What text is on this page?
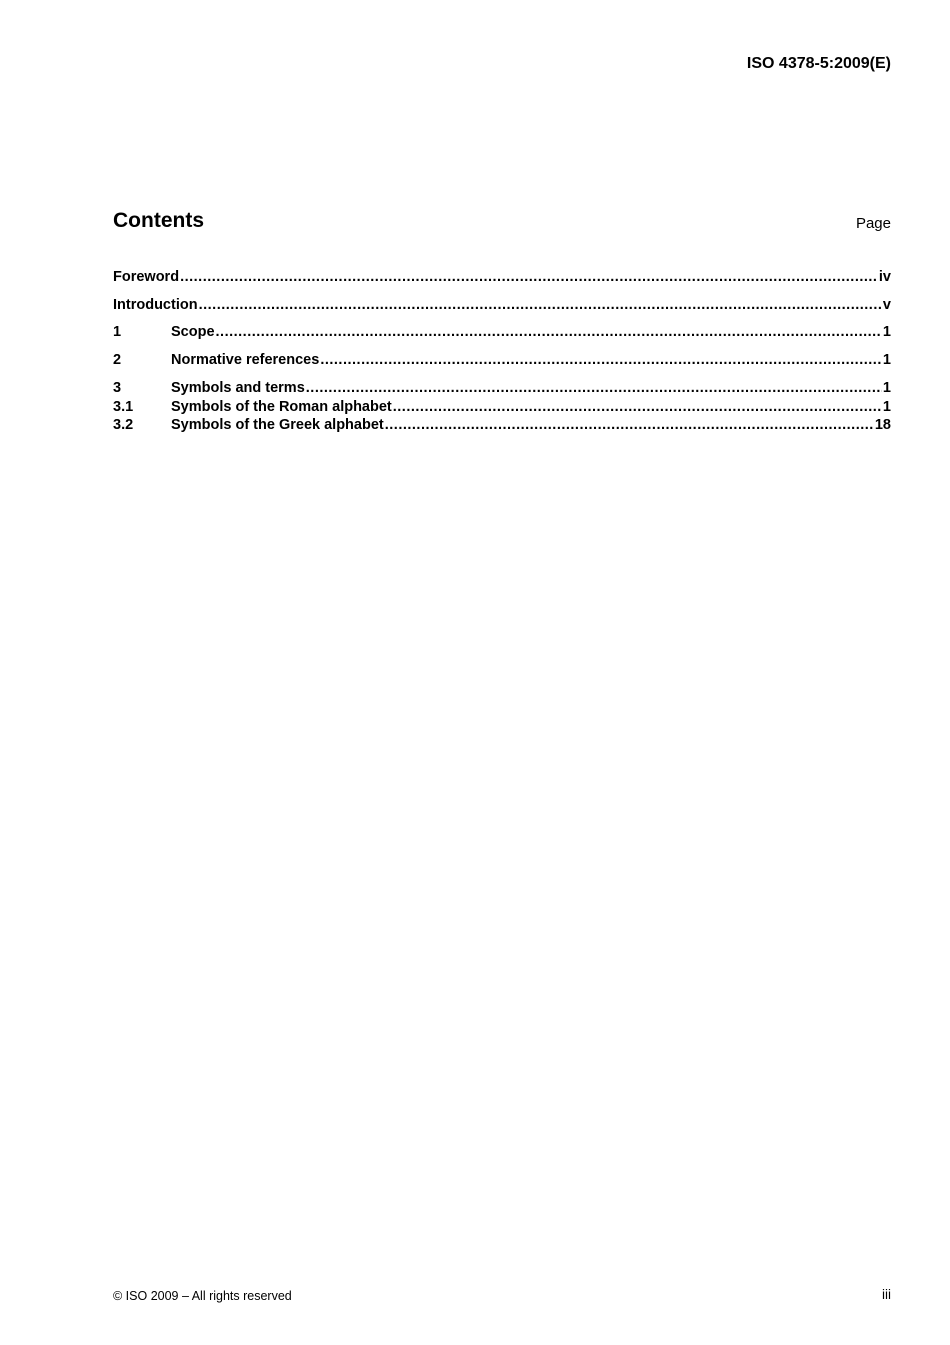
ISO 4378-5:2009(E)
Contents	Page
Foreword .....	iv
Introduction .....	v
1	Scope .....	1
2	Normative references .....	1
3	Symbols and terms .....	1
3.1	Symbols of the Roman alphabet .....	1
3.2	Symbols of the Greek alphabet .....	18
© ISO 2009 – All rights reserved	iii
